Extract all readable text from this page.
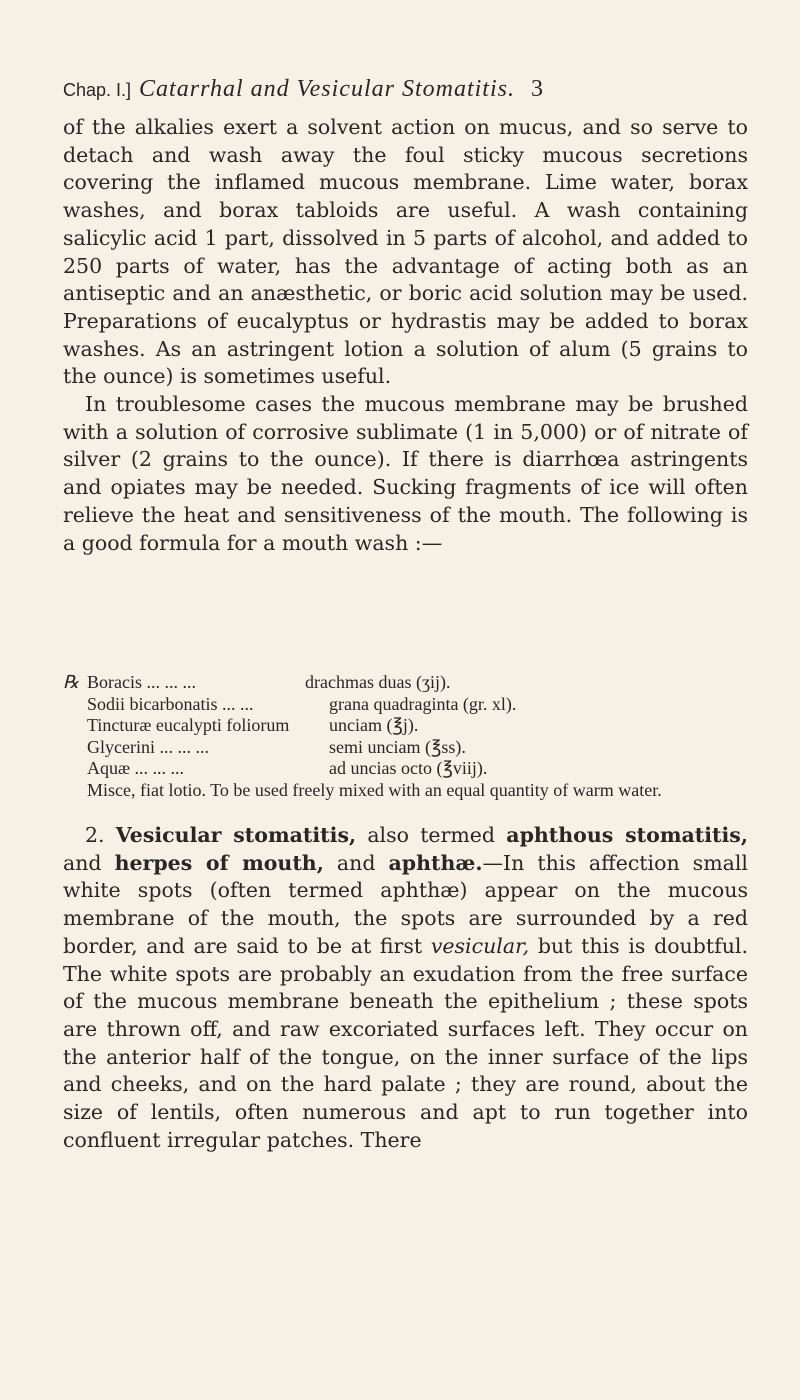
Chap. I.] Catarrhal and Vesicular Stomatitis. 3

of the alkalies exert a solvent action on mucus, and so serve to detach and wash away the foul sticky mucous secretions covering the inflamed mucous membrane. Lime water, borax washes, and borax tabloids are useful. A wash containing salicylic acid 1 part, dissolved in 5 parts of alcohol, and added to 250 parts of water, has the advantage of acting both as an antiseptic and an anæsthetic, or boric acid solution may be used. Preparations of eucalyptus or hydrastis may be added to borax washes. As an astringent lotion a solution of alum (5 grains to the ounce) is sometimes useful.

In troublesome cases the mucous membrane may be brushed with a solution of corrosive sublimate (1 in 5,000) or of nitrate of silver (2 grains to the ounce). If there is diarrhœa astringents and opiates may be needed. Sucking fragments of ice will often relieve the heat and sensitiveness of the mouth. The following is a good formula for a mouth wash :—

℞ Boracis ... ... ...	drachmas duas (ʒij).
Sodii bicarbonatis ... ...	grana quadraginta (gr. xl).
Tincturæ eucalypti foliorum	unciam (℥j).
Glycerini ... ... ...	semi unciam (℥ss).
Aquæ ... ... ...	ad uncias octo (℥viij).
Misce, fiat lotio. To be used freely mixed with an equal quantity of warm water.

2. Vesicular stomatitis, also termed aphthous stomatitis, and herpes of mouth, and aphthæ.—In this affection small white spots (often termed aphthæ) appear on the mucous membrane of the mouth, the spots are surrounded by a red border, and are said to be at first vesicular, but this is doubtful. The white spots are probably an exudation from the free surface of the mucous membrane beneath the epithelium ; these spots are thrown off, and raw excoriated surfaces left. They occur on the anterior half of the tongue, on the inner surface of the lips and cheeks, and on the hard palate ; they are round, about the size of lentils, often numerous and apt to run together into confluent irregular patches. There
